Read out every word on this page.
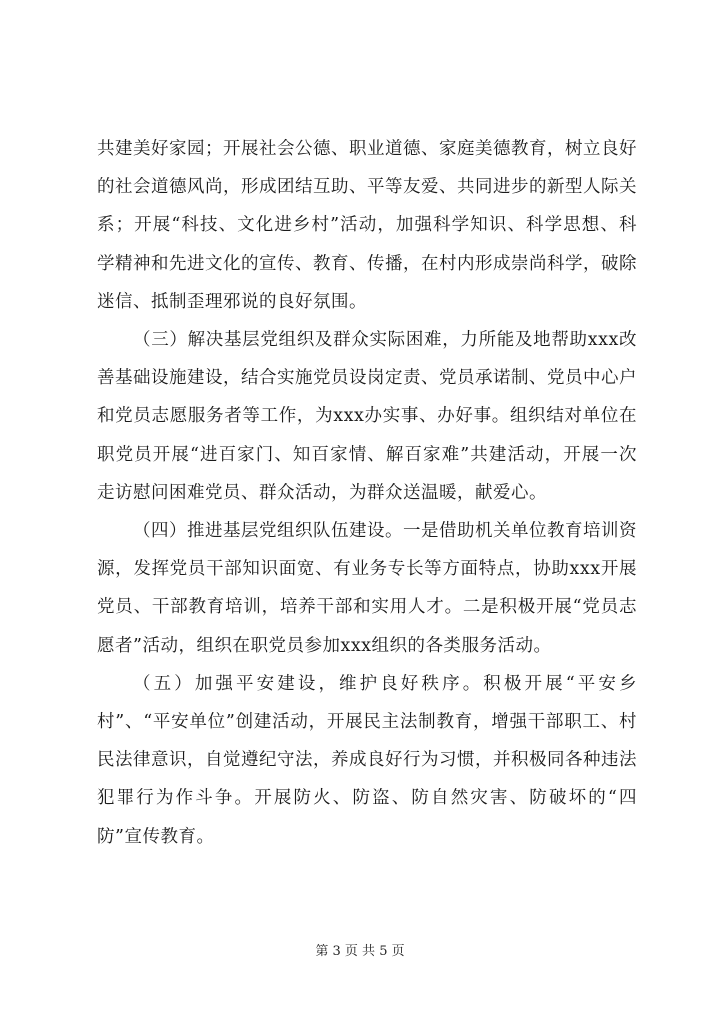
共建美好家园；开展社会公德、职业道德、家庭美德教育，树立良好的社会道德风尚，形成团结互助、平等友爱、共同进步的新型人际关系；开展“科技、文化进乡村”活动，加强科学知识、科学思想、科学精神和先进文化的宣传、教育、传播，在村内形成崇尚科学，破除迷信、抵制歪理邪说的良好氛围。

（三）解决基层党组织及群众实际困难，力所能及地帮助xxx改善基础设施建设，结合实施党员设岗定责、党员承诺制、党员中心户和党员志愿服务者等工作，为xxx办实事、办好事。组织结对单位在职党员开展“进百家门、知百家情、解百家难”共建活动，开展一次走访慰问困难党员、群众活动，为群众送温暖，献爱心。

（四）推进基层党组织队伍建设。一是借助机关单位教育培训资源，发挥党员干部知识面宽、有业务专长等方面特点，协助xxx开展党员、干部教育培训，培养干部和实用人才。二是积极开展“党员志愿者”活动，组织在职党员参加xxx组织的各类服务活动。

（五）加强平安建设，维护良好秩序。积极开展“平安乡村”、“平安单位”创建活动，开展民主法制教育，增强干部职工、村民法律意识，自觉遵纪守法，养成良好行为习惯，并积极同各种违法犯罪行为作斗争。开展防火、防盗、防自然灾害、防破坏的“四防”宣传教育。

第 3 页 共 5 页
